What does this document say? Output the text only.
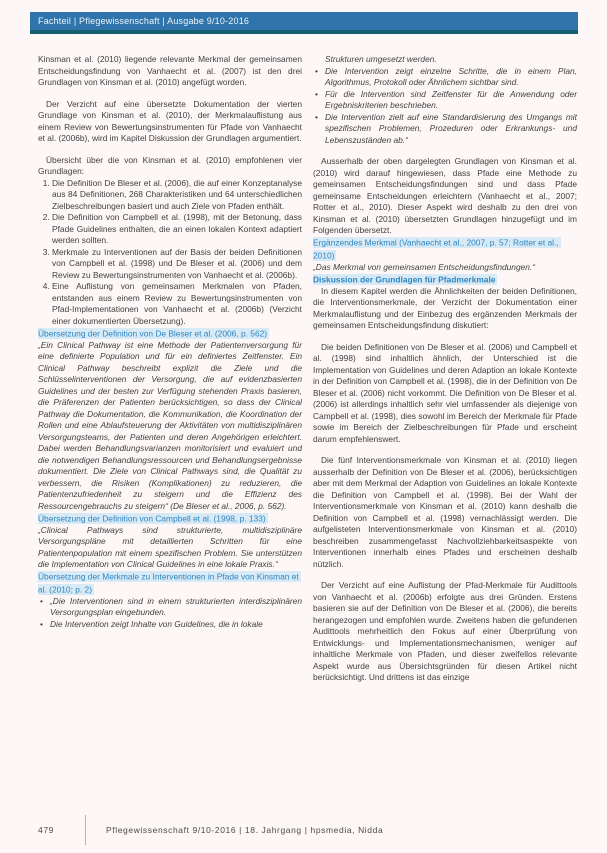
Fachteil | Pflegewissenschaft | Ausgabe 9/10-2016

Kinsman et al. (2010) liegende relevante Merkmal der gemeinsamen Entscheidungsfindung von Vanhaecht et al. (2007) ist den drei Grundlagen von Kinsman et al. (2010) angefügt worden.

Der Verzicht auf eine übersetzte Dokumentation der vierten Grundlage von Kinsman et al. (2010), der Merkmalauflistung aus einem Review von Bewertungsinstrumenten für Pfade von Vanhaecht et al. (2006b), wird im Kapitel Diskussion der Grundlagen argumentiert.

Übersicht über die von Kinsman et al. (2010) empfohlenen vier Grundlagen:

1. Die Definition De Bleser et al. (2006), die auf einer Konzeptanalyse aus 84 Definitionen, 268 Charakteristiken und 64 unterschiedlichen Zielbeschreibungen basiert und auch Ziele von Pfaden enthält.
2. Die Definition von Campbell et al. (1998), mit der Betonung, dass Pfade Guidelines enthalten, die an einen lokalen Kontext adaptiert werden sollten.
3. Merkmale zu Interventionen auf der Basis der beiden Definitionen von Campbell et al. (1998) und De Bleser et al. (2006) und dem Review zu Bewertungsinstrumenten von Vanhaecht et al. (2006b).
4. Eine Auflistung von gemeinsamen Merkmalen von Pfaden, entstanden aus einem Review zu Bewertungsinstrumenten von Pfad-Implementationen von Vanhaecht et al. (2006b) (Verzicht einer dokumentierten Übersetzung).

Übersetzung der Definition von De Bleser et al. (2006, p. 562)

„Ein Clinical Pathway ist eine Methode der Patientenversorgung für eine definierte Population und für ein definiertes Zeitfenster. Ein Clinical Pathway beschreibt explizit die Ziele und die Schlüsselinterventionen der Versorgung, die auf evidenzbasierten Guidelines und der besten zur Verfügung stehenden Praxis basieren, die Präferenzen der Patienten berücksichtigen, so dass der Clinical Pathway die Dokumentation, die Kommunikation, die Koordination der Rollen und eine Ablaufsteuerung der Aktivitäten von multidisziplinären Versorgungsteams, der Patienten und deren Angehörigen erleichtert. Dabei werden Behandlungsvarianzen monitorisiert und evaluiert und die notwendigen Behandlungsressourcen und Behandlungsergebnisse dokumentiert. Die Ziele von Clinical Pathways sind, die Qualität zu verbessern, die Risiken (Komplikationen) zu reduzieren, die Patientenzufriedenheit zu steigern und die Effizienz des Ressourcengebrauchs zu steigern“ (De Bleser et al., 2006, p. 562).

Übersetzung der Definition von Campbell et al. (1998, p. 133)

„Clinical Pathways sind strukturierte, multidisziplinäre Versorgungspläne mit detaillierten Schritten für eine Patientenpopulation mit einem spezifischen Problem. Sie unterstützen die Implementation von Clinical Guidelines in eine lokale Praxis.“

Übersetzung der Merkmale zu Interventionen in Pfade von Kinsman et al. (2010; p. 2)

• „Die Interventionen sind in einem strukturierten interdisziplinären Versorgungsplan eingebunden.
• Die Intervention zeigt Inhalte von Guidelines, die in lokale

Strukturen umgesetzt werden.

• Die Intervention zeigt einzelne Schritte, die in einem Plan, Algorithmus, Protokoll oder Ähnlichem sichtbar sind.
• Für die Intervention sind Zeitfenster für die Anwendung oder Ergebniskriterien beschrieben.
• Die Intervention zielt auf eine Standardisierung des Umgangs mit spezifischen Problemen, Prozeduren oder Erkrankungs- und Lebenszuständen ab.“

Ausserhalb der oben dargelegten Grundlagen von Kinsman et al. (2010) wird darauf hingewiesen, dass Pfade eine Methode zu gemeinsamen Entscheidungsfindungen sind und dass Pfade gemeinsame Entscheidungen erleichtern (Vanhaecht et al., 2007; Rotter et al., 2010). Dieser Aspekt wird deshalb zu den drei von Kinsman et al. (2010) übersetzten Grundlagen hinzugefügt und im Folgenden übersetzt.

Ergänzendes Merkmal (Vanhaecht et al., 2007, p. 57; Rotter et al., 2010)

„Das Merkmal von gemeinsamen Entscheidungsfindungen.“

Diskussion der Grundlagen für Pfadmerkmale

In diesem Kapitel werden die Ähnlichkeiten der beiden Definitionen, die Interventionsmerkmale, der Verzicht der Dokumentation einer Merkmalauflistung und der Einbezug des ergänzenden Merkmals der gemeinsamen Entscheidungsfindung diskutiert:

Die beiden Definitionen von De Bleser et al. (2006) und Campbell et al. (1998) sind inhaltlich ähnlich, der Unterschied ist die Implementation von Guidelines und deren Adaption an lokale Kontexte in der Definition von Campbell et al. (1998), die in der Definition von De Bleser et al. (2006) nicht vorkommt. Die Definition von De Bleser et al. (2006) ist allerdings inhaltlich sehr viel umfassender als diejenige von Campbell et al. (1998), dies sowohl im Bereich der Merkmale für Pfade sowie im Bereich der Zielbeschreibungen für Pfade und erscheint darum empfehlenswert.

Die fünf Interventionsmerkmale von Kinsman et al. (2010) liegen ausserhalb der Definition von De Bleser et al. (2006), berücksichtigen aber mit dem Merkmal der Adaption von Guidelines an lokale Kontexte die Definition von Campbell et al. (1998). Bei der Wahl der Interventionsmerkmale von Kinsman et al. (2010) kann deshalb die Definition von Campbell et al. (1998) vernachlässigt werden. Die aufgelisteten Interventionsmerkmale von Kinsman et al. (2010) beschreiben zusammengefasst Nachvollziehbarkeitsaspekte von Interventionen innerhalb eines Pfades und erscheinen deshalb nützlich.

Der Verzicht auf eine Auflistung der Pfad-Merkmale für Audittools von Vanhaecht et al. (2006b) erfolgte aus drei Gründen. Erstens basieren sie auf der Definition von De Bleser et al. (2006), die bereits herangezogen und empfohlen wurde. Zweitens haben die gefundenen Audittools mehrheitlich den Fokus auf einer Überprüfung von Entwicklungs- und Implementationsmechanismen, weniger auf inhaltliche Merkmale von Pfaden, und dieser zweifellos relevante Aspekt wurde aus Übersichtsgründen für diesen Artikel nicht berücksichtigt. Und drittens ist das einzige

479	Pflegewissenschaft 9/10-2016 | 18. Jahrgang | hpsmedia, Nidda
